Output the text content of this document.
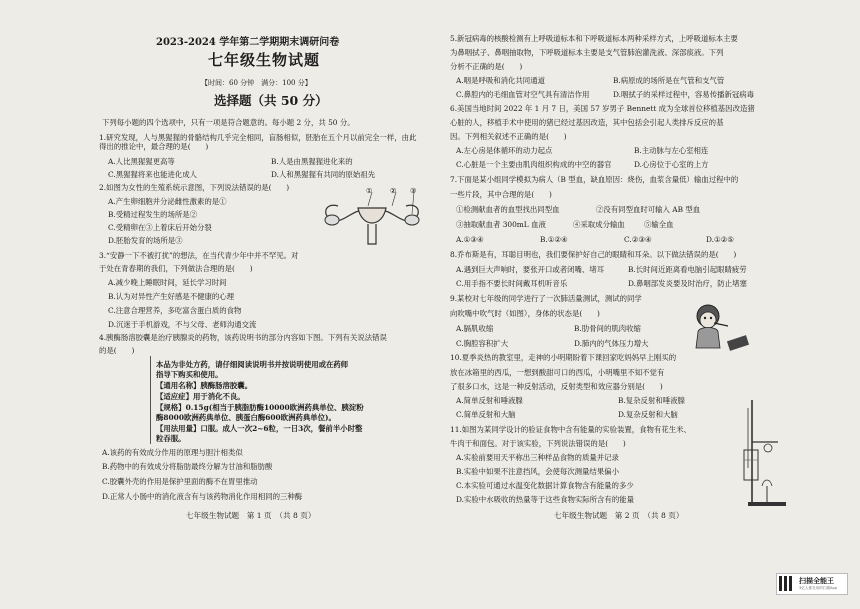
2023-2024 学年第二学期期末调研问卷
七年级生物试题
【时间：60 分钟　满分：100 分】
选择题（共 50 分）
下列每小题的四个选项中，只有一项是符合题意的。每小题 2 分，共 50 分。
1.研究发现，人与黑猩猩的骨骼结构几乎完全相同，盲肠相似，胚胎在五个月以前完全一样，由此得出的推论中，最合理的是(　　)
A.人比黑猩猩更高等	B.人是由黑猩猩进化来的
C.黑猩猩将来也能进化成人	D.人和黑猩猩有共同的原始祖先
2.如图为女性的生殖系统示意图，下列说法错误的是(　　)
A.产生卵细胞并分泌雌性激素的是①
B.受精过程发生的场所是②
C.受精卵在③上着床后开始分裂
D.胚胎发育的场所是③
①	② ③
3.“安静一下不被打扰”的想法，在当代青少年中并不罕见。对
于处在青春期的我们，下列做法合理的是(　　)
A.减少晚上睡眠时间，延长学习时间
B.认为对异性产生好感是不健康的心理
C.注意合理营养，多吃富含蛋白质的食物
D.沉迷于手机游戏，不与父母、老师沟通交流
4.胰酶肠溶胶囊是治疗胰腺炎的药物，该药说明书的部分内容如下图。下列有关说法错误
的是(　　)
本品为非处方药，请仔细阅读说明书并按说明使用或在药师
指导下购买和使用。
【通用名称】胰酶肠溶胶囊。
【适应症】用于消化不良。
【规格】0.15g(相当于胰脂肪酶10000欧洲药典单位、胰淀粉
酶8000欧洲药典单位、胰蛋白酶600欧洲药典单位)。
【用法用量】口服。成人一次2~6粒，一日3次，餐前半小时整
粒吞服。
A.该药的有效成分作用的原理与胆汁相类似
B.药物中的有效成分将脂肪最终分解为甘油和脂肪酸
C.胶囊外壳的作用是保护里面的酶不在胃里推动
D.正常人小肠中的消化液含有与该药物消化作用相同的三种酶
七年级生物试题　第 1 页　（共 8 页）
5.新冠病毒的核酸检测有上呼吸道标本和下呼吸道标本两种采样方式，上呼吸道标本主要
为鼻咽拭子、鼻咽抽取物，下呼吸道标本主要是支气管肺泡灌洗液、深部痰液。下列
分析不正确的是(　　)
A.咽是呼吸和消化共同通道	B.病原成的场所是在气管和支气管
C.鼻腔内的毛细血管对空气具有清洁作用	D.咽拭子的采样过程中，容易传播新冠病毒
6.美国当地时间 2022 年 1 月 7 日，美国 57 岁男子 Bennett 成为全球首位移植基因改造猪
心脏的人，移植手术中使用的猪已经过基因改造，其中包括会引起人类排斥反应的基
因。下列相关叙述不正确的是(　　)
A.左心房是体循环的动力起点	B.主动脉与左心室相连
C.心脏是一个主要由肌肉组织构成的中空的器官	D.心房位于心室的上方
7.下面是某小组同学模拟为病人（B 型血，缺血原因：烧伤，血浆含量低）输血过程中的
一些片段，其中合理的是(　　)
①检测献血者的血型找出同型血	②没有同型血时可输入 AB 型血
③抽取献血者 300mL 血液	④采取成分输血	⑤输全血
A.①③④	B.①②④	C.②③④	D.①②⑤
8.乔布斯是有，耳聪目明也，我们要保护好自己的眼睛和耳朵。以下做法错误的是(　　)
A.遇到巨大声响时，要张开口或者闭嘴、堵耳	B.长时间近距离看电脑引起眼睛疲劳
C.用手指不要长时间戴耳机听音乐	D.鼻咽部发炎要及时治疗，防止堵塞
9.某校对七年级的同学进行了一次肺活量测试，测试的同学
向吹嘴中吹气时（如图），身体的状态是(　　)
A.膈肌收缩	B.肋骨间的肌肉收缩
C.胸腔容积扩大	D.肺内的气体压力增大
10.夏季炎热的教室里，走神的小明期盼着下课回家吃妈妈早上刚买的
放在冰箱里的西瓜，一想到酸甜可口的西瓜，小明嘴里不知不觉有
了很多口水，这是一种反射活动，反射类型和效应器分别是(　　)
A.简单反射和唾液腺	B.复杂反射和唾液腺
C.简单反射和大脑	D.复杂反射和大脑
11.如图为某同学设计的验证食物中含有能量的实验装置，食物有花生米、
牛肉干和面包。对于该实验，下列说法错误的是(　　)
A.实验前要用天平称出三种样品食物的质量并记录
B.实验中如果不注意挡风，会使每次测量结果偏小
C.本实验可通过水温变化数据计算食物含有能量的多少
D.实验中水吸收的热量等于这些食物实际所含有的能量
七年级生物试题　第 2 页　（共 8 页）
扫描全能王
3亿人都在用的扫描App
